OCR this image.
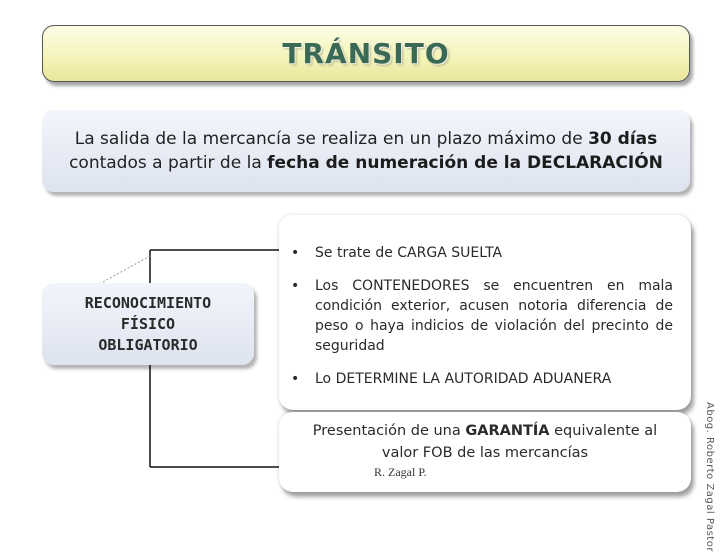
TRÁNSITO
La salida de la mercancía se realiza en un plazo máximo de 30 días
contados a partir de la fecha de numeración de la DECLARACIÓN
RECONOCIMIENTO
FÍSICO
OBLIGATORIO
• Se trate de CARGA SUELTA
• Los CONTENEDORES se encuentren en mala condición exterior, acusen notoria diferencia de peso o haya indicios de violación del precinto de seguridad
• Lo DETERMINE LA AUTORIDAD ADUANERA
Presentación de una GARANTÍA equivalente al
valor FOB de las mercancías
R. Zagal P.	Abog. Roberto Zagal Pastor
